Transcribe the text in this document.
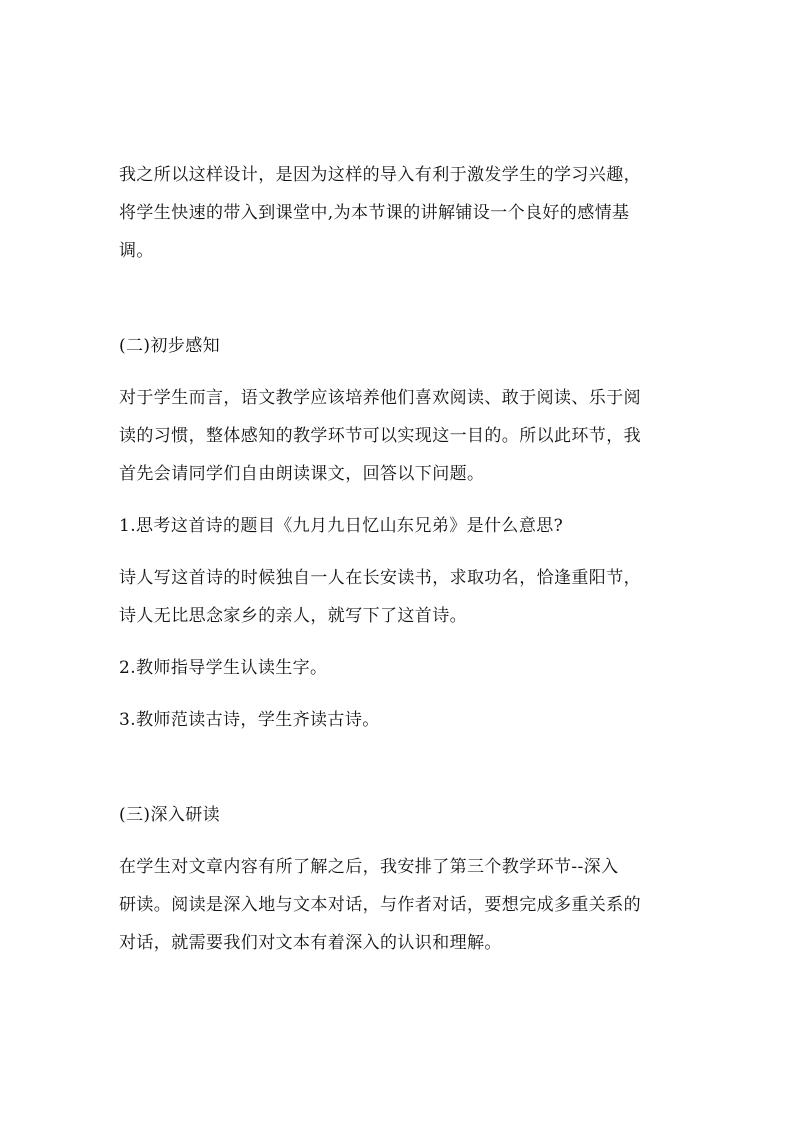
我之所以这样设计，是因为这样的导入有利于激发学生的学习兴趣，

将学生快速的带入到课堂中,为本节课的讲解铺设一个良好的感情基

调。

(二)初步感知

对于学生而言，语文教学应该培养他们喜欢阅读、敢于阅读、乐于阅

读的习惯，整体感知的教学环节可以实现这一目的。所以此环节，我

首先会请同学们自由朗读课文，回答以下问题。

1.思考这首诗的题目《九月九日忆山东兄弟》是什么意思?

诗人写这首诗的时候独自一人在长安读书，求取功名，恰逢重阳节，

诗人无比思念家乡的亲人，就写下了这首诗。

2.教师指导学生认读生字。

3.教师范读古诗，学生齐读古诗。

(三)深入研读

在学生对文章内容有所了解之后，我安排了第三个教学环节--深入

研读。阅读是深入地与文本对话，与作者对话，要想完成多重关系的

对话，就需要我们对文本有着深入的认识和理解。
